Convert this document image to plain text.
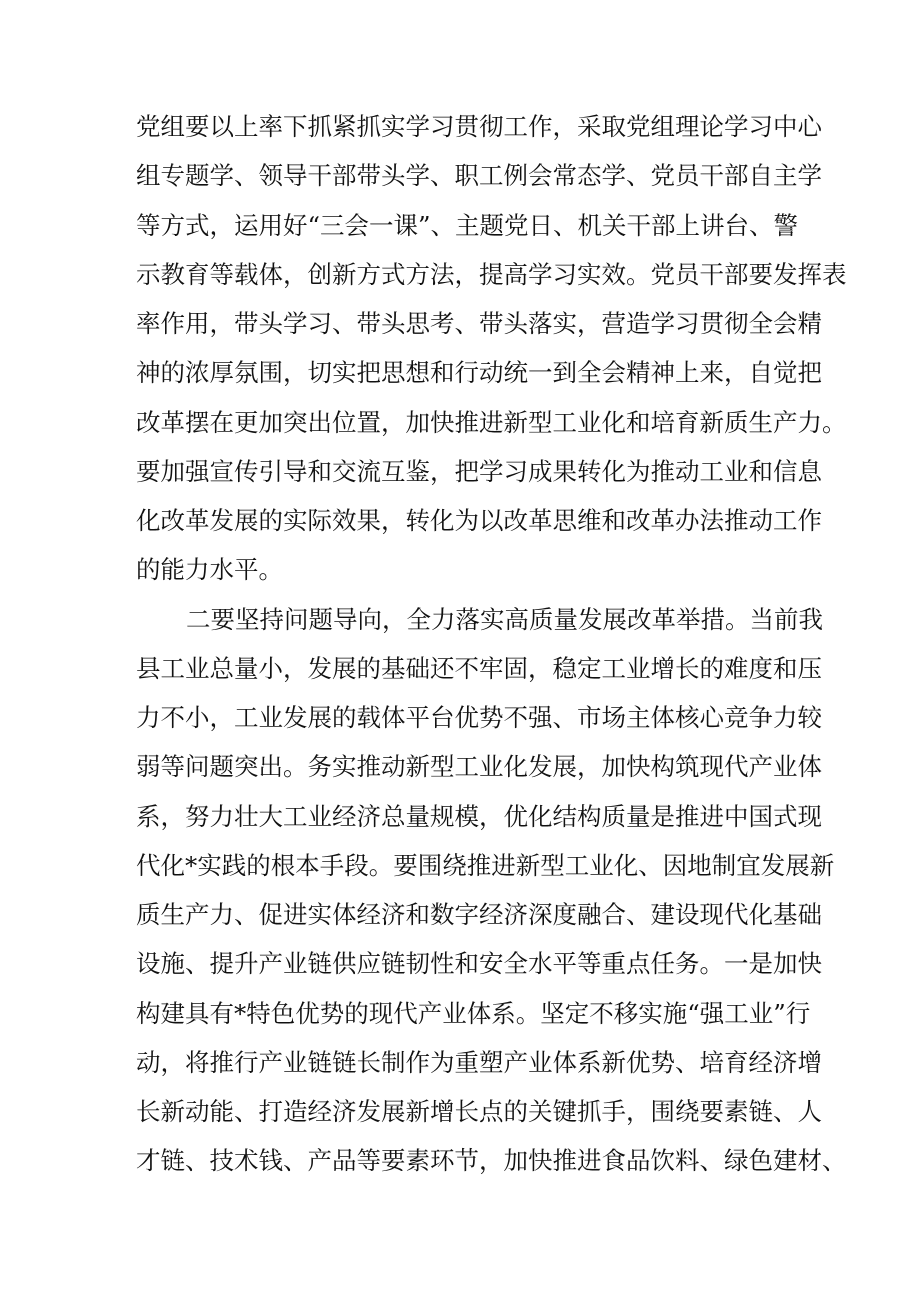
党组要以上率下抓紧抓实学习贯彻工作，采取党组理论学习中心
组专题学、领导干部带头学、职工例会常态学、党员干部自主学
等方式，运用好“三会一课”、主题党日、机关干部上讲台、警
示教育等载体，创新方式方法，提高学习实效。党员干部要发挥表
率作用，带头学习、带头思考、带头落实，营造学习贯彻全会精
神的浓厚氛围，切实把思想和行动统一到全会精神上来，自觉把
改革摆在更加突出位置，加快推进新型工业化和培育新质生产力。
要加强宣传引导和交流互鉴，把学习成果转化为推动工业和信息
化改革发展的实际效果，转化为以改革思维和改革办法推动工作
的能力水平。
二要坚持问题导向，全力落实高质量发展改革举措。当前我
县工业总量小，发展的基础还不牢固，稳定工业增长的难度和压
力不小，工业发展的载体平台优势不强、市场主体核心竞争力较
弱等问题突出。务实推动新型工业化发展，加快构筑现代产业体
系，努力壮大工业经济总量规模，优化结构质量是推进中国式现
代化*实践的根本手段。要围绕推进新型工业化、因地制宜发展新
质生产力、促进实体经济和数字经济深度融合、建设现代化基础
设施、提升产业链供应链韧性和安全水平等重点任务。一是加快
构建具有*特色优势的现代产业体系。坚定不移实施“强工业”行
动，将推行产业链链长制作为重塑产业体系新优势、培育经济增
长新动能、打造经济发展新增长点的关键抓手，围绕要素链、人
才链、技术钱、产品等要素环节，加快推进食品饮料、绿色建材、
